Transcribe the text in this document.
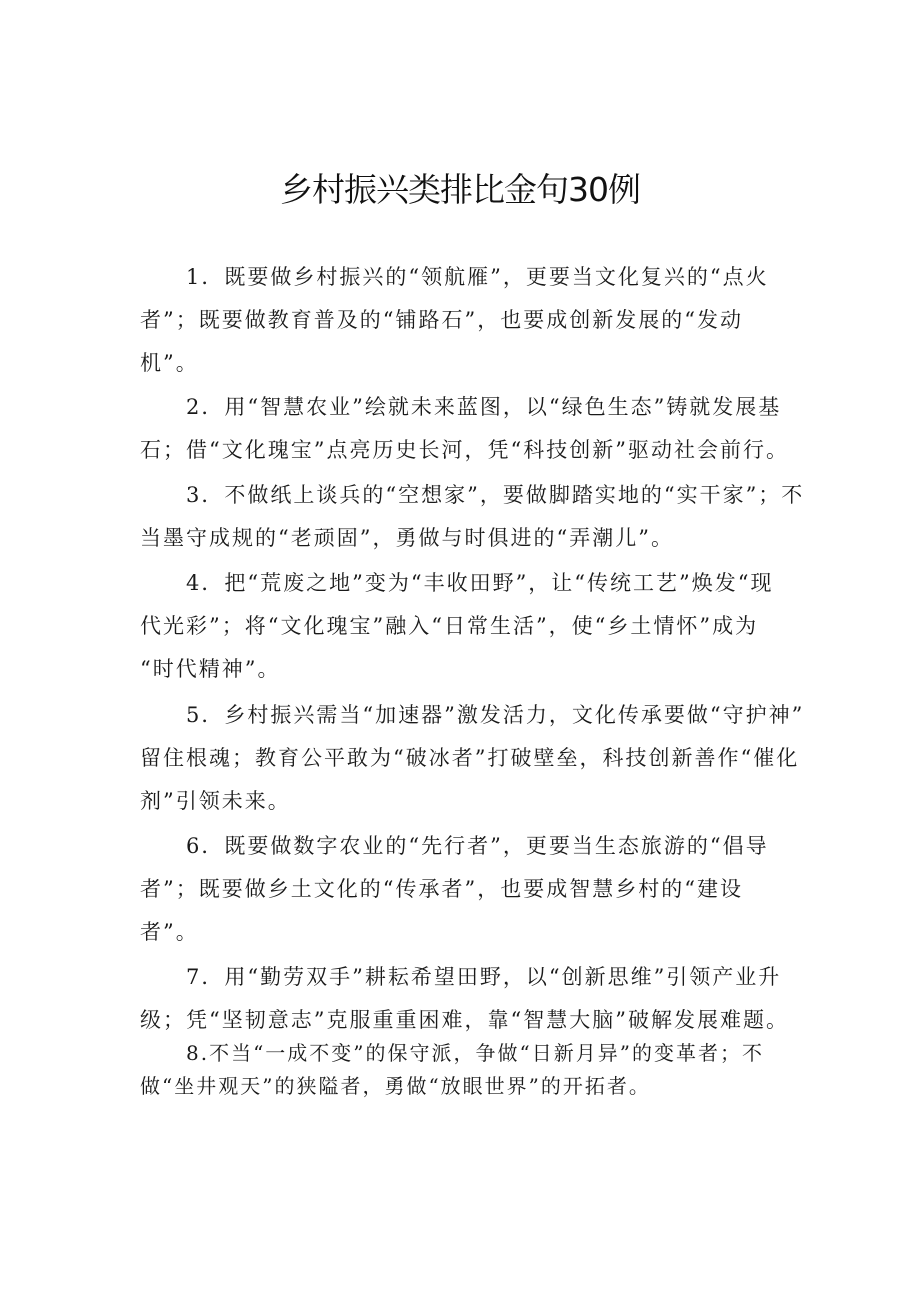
乡村振兴类排比金句30例
1．既要做乡村振兴的“领航雁”，更要当文化复兴的“点火
者”；既要做教育普及的“铺路石”，也要成创新发展的“发动
机”。
2．用“智慧农业”绘就未来蓝图，以“绿色生态”铸就发展基
石；借“文化瑰宝”点亮历史长河，凭“科技创新”驱动社会前行。
3．不做纸上谈兵的“空想家”，要做脚踏实地的“实干家”；不
当墨守成规的“老顽固”，勇做与时俱进的“弄潮儿”。
4．把“荒废之地”变为“丰收田野”，让“传统工艺”焕发“现
代光彩”；将“文化瑰宝”融入“日常生活”，使“乡土情怀”成为
“时代精神”。
5．乡村振兴需当“加速器”激发活力，文化传承要做“守护神”
留住根魂；教育公平敢为“破冰者”打破壁垒，科技创新善作“催化
剂”引领未来。
6．既要做数字农业的“先行者”，更要当生态旅游的“倡导
者”；既要做乡土文化的“传承者”，也要成智慧乡村的“建设
者”。
7．用“勤劳双手”耕耘希望田野，以“创新思维”引领产业升
级；凭“坚韧意志”克服重重困难，靠“智慧大脑”破解发展难题。
8.不当“一成不变”的保守派，争做“日新月异”的变革者；不
做“坐井观天”的狭隘者，勇做“放眼世界”的开拓者。
